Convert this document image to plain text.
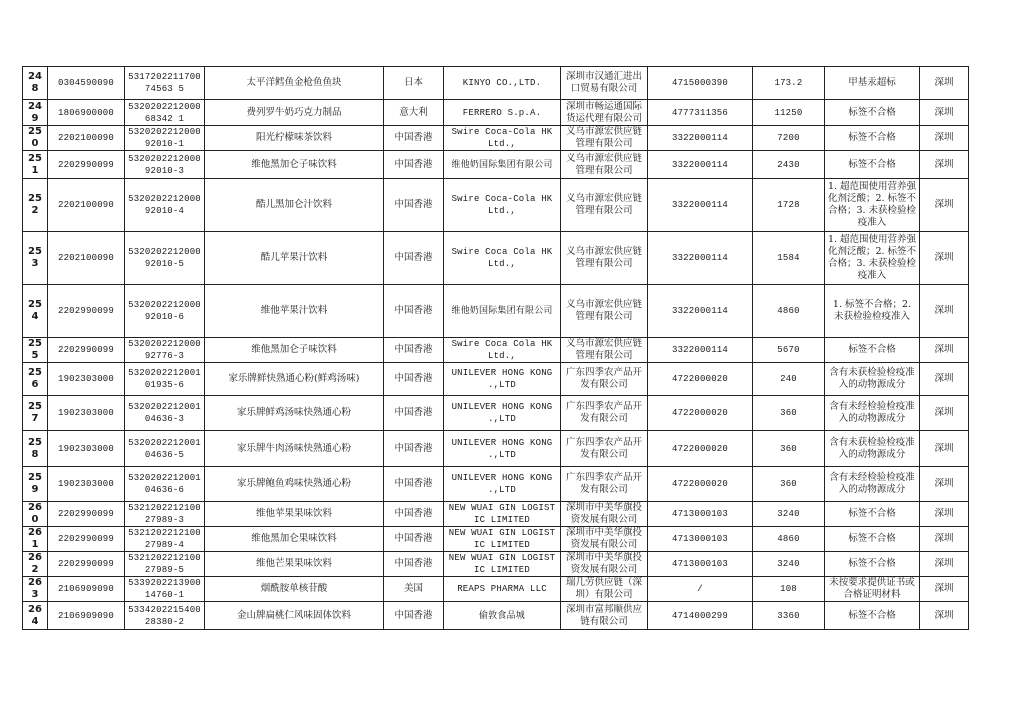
248	0304590090	531720221170074563 5	太平洋鳕鱼金枪鱼鱼块	日本	KINYO CO.,LTD.	深圳市汉通汇进出口贸易有限公司	4715000390	173.2	甲基汞超标	深圳
249	1806900000	532020221200068342 1	费列罗牛奶巧克力制品	意大利	FERRERO S.p.A.	深圳市畅运通国际货运代理有限公司	4777311356	11250	标签不合格	深圳
250	2202100090	532020221200092010-1	阳光柠檬味茶饮料	中国香港	Swire Coca-Cola HK Ltd.,	义乌市源宏供应链管理有限公司	3322000114	7200	标签不合格	深圳
251	2202990099	532020221200092010-3	维他黑加仑子味饮料	中国香港	维他奶国际集团有限公司	义乌市源宏供应链管理有限公司	3322000114	2430	标签不合格	深圳
252	2202100090	532020221200092010-4	酷儿黑加仑汁饮料	中国香港	Swire Coca-Cola HK Ltd.,	义乌市源宏供应链管理有限公司	3322000114	1728	1. 超范围使用营养强化剂泛酸；2. 标签不合格；3. 未获检验检疫准入	深圳
253	2202100090	532020221200092010-5	酷儿苹果汁饮料	中国香港	Swire Coca Cola HK Ltd.,	义乌市源宏供应链管理有限公司	3322000114	1584	1. 超范围使用营养强化剂泛酸；2. 标签不合格；3. 未获检验检疫准入	深圳
254	2202990099	532020221200092010-6	维他苹果汁饮料	中国香港	维他奶国际集团有限公司	义乌市源宏供应链管理有限公司	3322000114	4860	1. 标签不合格；2. 未获检验检疫准入	深圳
255	2202990099	532020221200092776-3	维他黑加仑子味饮料	中国香港	Swire Coca Cola HK Ltd.,	义乌市源宏供应链管理有限公司	3322000114	5670	标签不合格	深圳
256	1902303000	532020221200101935-6	家乐牌鲜快熟通心粉(鲜鸡汤味)	中国香港	UNILEVER HONG KONG .,LTD	广东四季农产品开发有限公司	4722000020	240	含有未获检验检疫准入的动物源成分	深圳
257	1902303000	532020221200104636-3	家乐牌鲜鸡汤味快熟通心粉	中国香港	UNILEVER HONG KONG .,LTD	广东四季农产品开发有限公司	4722000020	360	含有未经检验检疫准入的动物源成分	深圳
258	1902303000	532020221200104636-5	家乐牌牛肉汤味快熟通心粉	中国香港	UNILEVER HONG KONG .,LTD	广东四季农产品开发有限公司	4722000020	360	含有未获检验检疫准入的动物源成分	深圳
259	1902303000	532020221200104636-6	家乐牌鲍鱼鸡味快熟通心粉	中国香港	UNILEVER HONG KONG .,LTD	广东四季农产品开发有限公司	4722000020	360	含有未经检验检疫准入的动物源成分	深圳
260	2202990099	532120221210027989-3	维他苹果果味饮料	中国香港	NEW WUAI GIN LOGISTIC LIMITED	深圳市中美华旗投资发展有限公司	4713000103	3240	标签不合格	深圳
261	2202990099	532120221210027989-4	维他黑加仑果味饮料	中国香港	NEW WUAI GIN LOGISTIC LIMITED	深圳市中美华旗投资发展有限公司	4713000103	4860	标签不合格	深圳
262	2202990099	532120221210027989-5	维他芒果果味饮料	中国香港	NEW WUAI GIN LOGISTIC LIMITED	深圳市中美华旗投资发展有限公司	4713000103	3240	标签不合格	深圳
263	2106909090	533920221390014760-1	烟酰胺单核苷酸	美国	REAPS PHARMA LLC	瑞几劳供应链（深圳）有限公司	/	108	未按要求提供证书或合格证明材料	深圳
264	2106909090	533420221540028380-2	金山牌扁桃仁风味固体饮料	中国香港	偷敦食品城	深圳市富邦顺供应链有限公司	4714000299	3360	标签不合格	深圳
